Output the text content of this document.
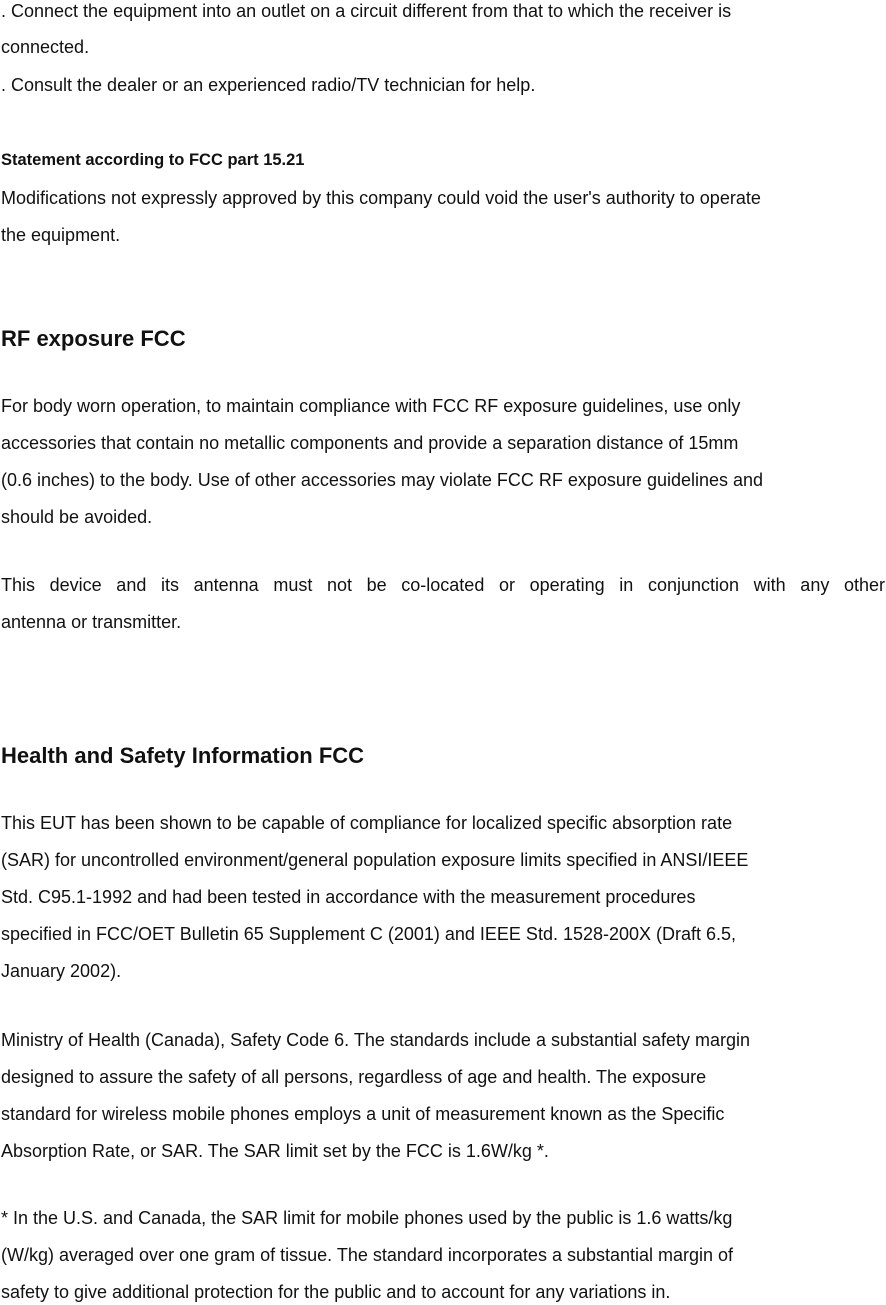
. Connect the equipment into an outlet on a circuit different from that to which the receiver is

connected.

. Consult the dealer or an experienced radio/TV technician for help.

Statement according to FCC part 15.21

Modifications not expressly approved by this company could void the user's authority to operate

the equipment.

RF exposure FCC

For body worn operation, to maintain compliance with FCC RF exposure guidelines, use only

accessories that contain no metallic components and provide a separation distance of 15mm

(0.6 inches) to the body. Use of other accessories may violate FCC RF exposure guidelines and

should be avoided.

This device and its antenna must not be co-located or operating in conjunction with any other

antenna or transmitter.

Health and Safety Information FCC

This EUT has been shown to be capable of compliance for localized specific absorption rate

(SAR) for uncontrolled environment/general population exposure limits specified in ANSI/IEEE

Std. C95.1-1992 and had been tested in accordance with the measurement procedures

specified in FCC/OET Bulletin 65 Supplement C (2001) and IEEE Std. 1528-200X (Draft 6.5,

January 2002).

Ministry of Health (Canada), Safety Code 6. The standards include a substantial safety margin

designed to assure the safety of all persons, regardless of age and health. The exposure

standard for wireless mobile phones employs a unit of measurement known as the Specific

Absorption Rate, or SAR. The SAR limit set by the FCC is 1.6W/kg *.

* In the U.S. and Canada, the SAR limit for mobile phones used by the public is 1.6 watts/kg

(W/kg) averaged over one gram of tissue. The standard incorporates a substantial margin of

safety to give additional protection for the public and to account for any variations in.
